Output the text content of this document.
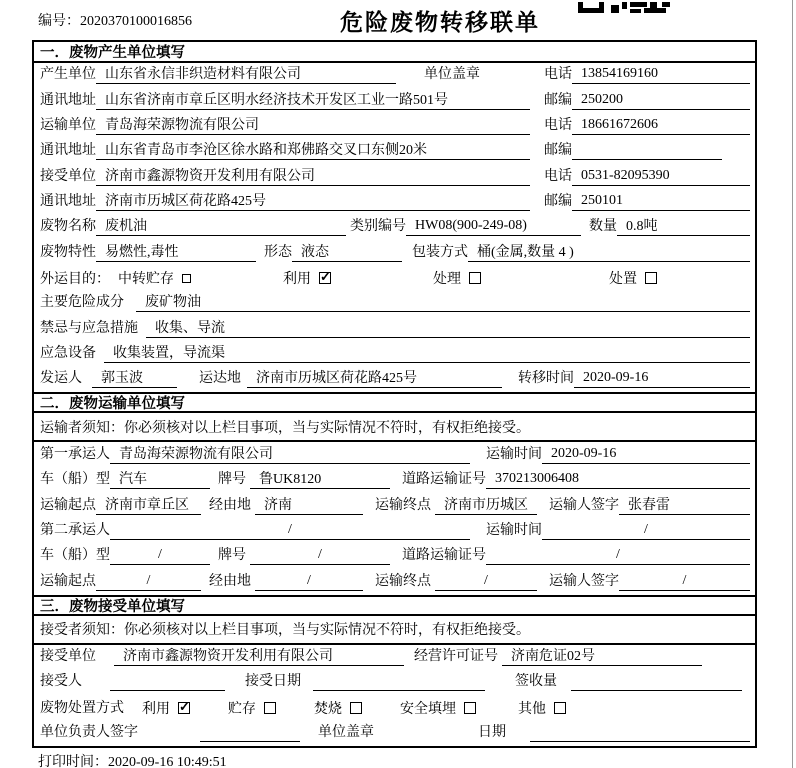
编号：2020370100016856	危险废物转移联单
一．废物产生单位填写
产生单位 山东省永信非织造材料有限公司	单位盖章	电话 13854169160
通讯地址 山东省济南市章丘区明水经济技术开发区工业一路501号	邮编 250200
运输单位 青岛海荣源物流有限公司	电话 18661672606
通讯地址 山东省青岛市李沧区徐水路和郑佛路交叉口东侧20米	邮编
接受单位 济南市鑫源物资开发利用有限公司	电话 0531-82095390
通讯地址 济南市历城区荷花路425号	邮编 250101
废物名称 废机油	类别编号 HW08(900-249-08)	数量 0.8吨
废物特性 易燃性,毒性	形态 液态	包装方式 桶(金属,数量 4 )
外运目的： 中转贮存	利用 ✓	处理	处置
主要危险成分	废矿物油
禁忌与应急措施	收集、导流
应急设备	收集装置，导流渠
发运人	郭玉波	运达地	济南市历城区荷花路425号	转移时间 2020-09-16
二．废物运输单位填写
运输者须知：你必须核对以上栏目事项，当与实际情况不符时，有权拒绝接受。
第一承运人 青岛海荣源物流有限公司	运输时间 2020-09-16
车（船）型 汽车	牌号 鲁UK8120	道路运输证号 370213006408
运输起点 济南市章丘区	经由地 济南	运输终点 济南市历城区	运输人签字 张春雷
第二承运人	/	运输时间	/
车（船）型	/	牌号	/	道路运输证号	/
运输起点	/	经由地	/	运输终点	/	运输人签字	/
三．废物接受单位填写
接受者须知：你必须核对以上栏目事项，当与实际情况不符时，有权拒绝接受。
接受单位	济南市鑫源物资开发利用有限公司	经营许可证号 济南危证02号
接受人	接受日期	签收量
废物处置方式 利用 ✓	贮存	焚烧	安全填埋	其他
单位负责人签字	单位盖章	日期
打印时间：2020-09-16 10:49:51
